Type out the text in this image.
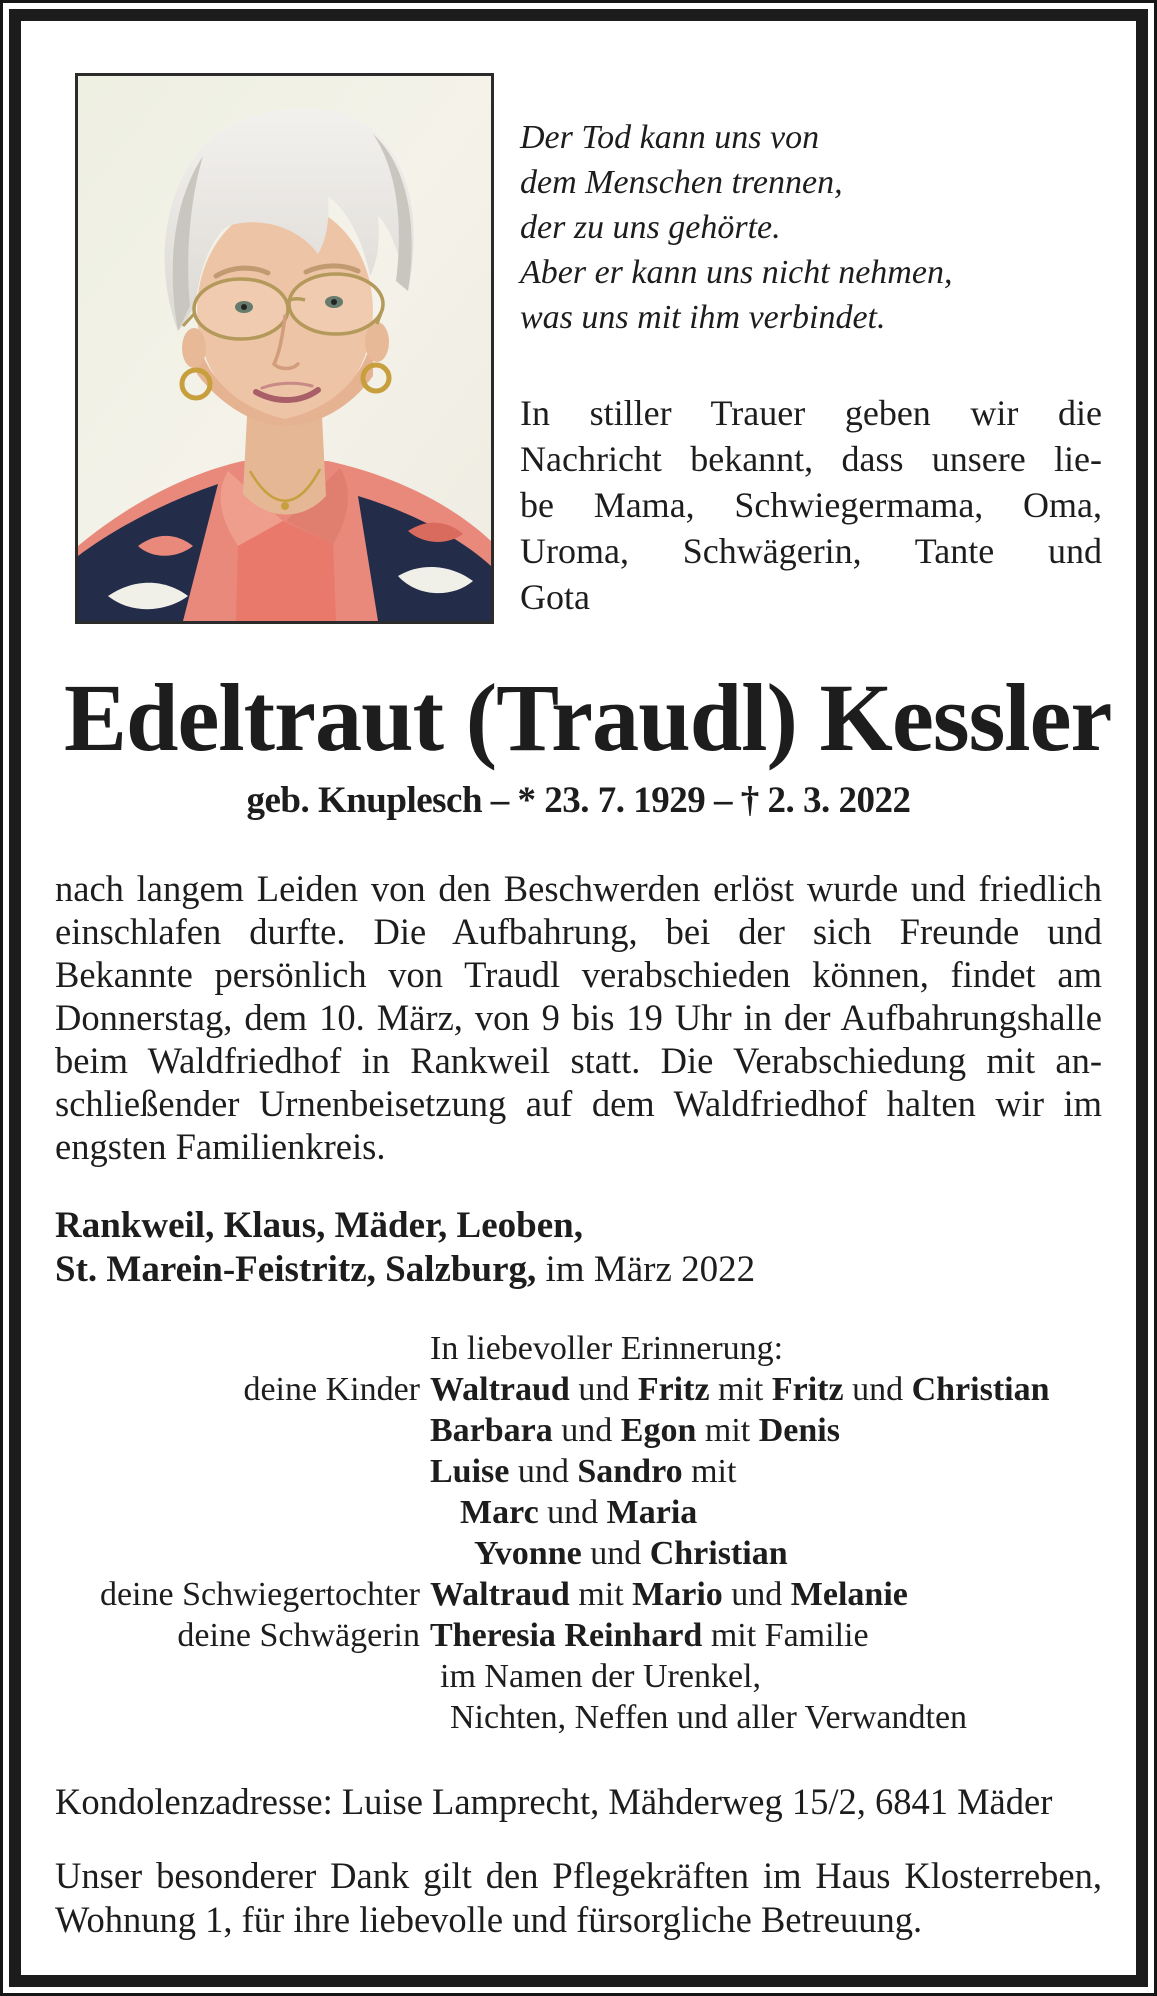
Der Tod kann uns von
dem Menschen trennen,
der zu uns gehörte.
Aber er kann uns nicht nehmen,
was uns mit ihm verbindet.
In stiller Trauer geben wir die
Nachricht bekannt, dass unsere lie-
be Mama, Schwiegermama, Oma,
Uroma, Schwägerin, Tante und
Gota
Edeltraut (Traudl) Kessler
geb. Knuplesch – * 23. 7. 1929 – † 2. 3. 2022
nach langem Leiden von den Beschwerden erlöst wurde und friedlich
einschlafen durfte. Die Aufbahrung, bei der sich Freunde und
Bekannte persönlich von Traudl verabschieden können, findet am
Donnerstag, dem 10. März, von 9 bis 19 Uhr in der Aufbahrungshalle
beim Waldfriedhof in Rankweil statt. Die Verabschiedung mit an-
schließender Urnenbeisetzung auf dem Waldfriedhof halten wir im
engsten Familienkreis.
Rankweil, Klaus, Mäder, Leoben,
St. Marein-Feistritz, Salzburg, im März 2022
In liebevoller Erinnerung:
deine Kinder Waltraud und Fritz mit Fritz und Christian
Barbara und Egon mit Denis
Luise und Sandro mit
Marc und Maria
Yvonne und Christian
deine Schwiegertochter Waltraud mit Mario und Melanie
deine Schwägerin Theresia Reinhard mit Familie
im Namen der Urenkel,
Nichten, Neffen und aller Verwandten
Kondolenzadresse: Luise Lamprecht, Mähderweg 15/2, 6841 Mäder
Unser besonderer Dank gilt den Pflegekräften im Haus Klosterreben,
Wohnung 1, für ihre liebevolle und fürsorgliche Betreuung.
